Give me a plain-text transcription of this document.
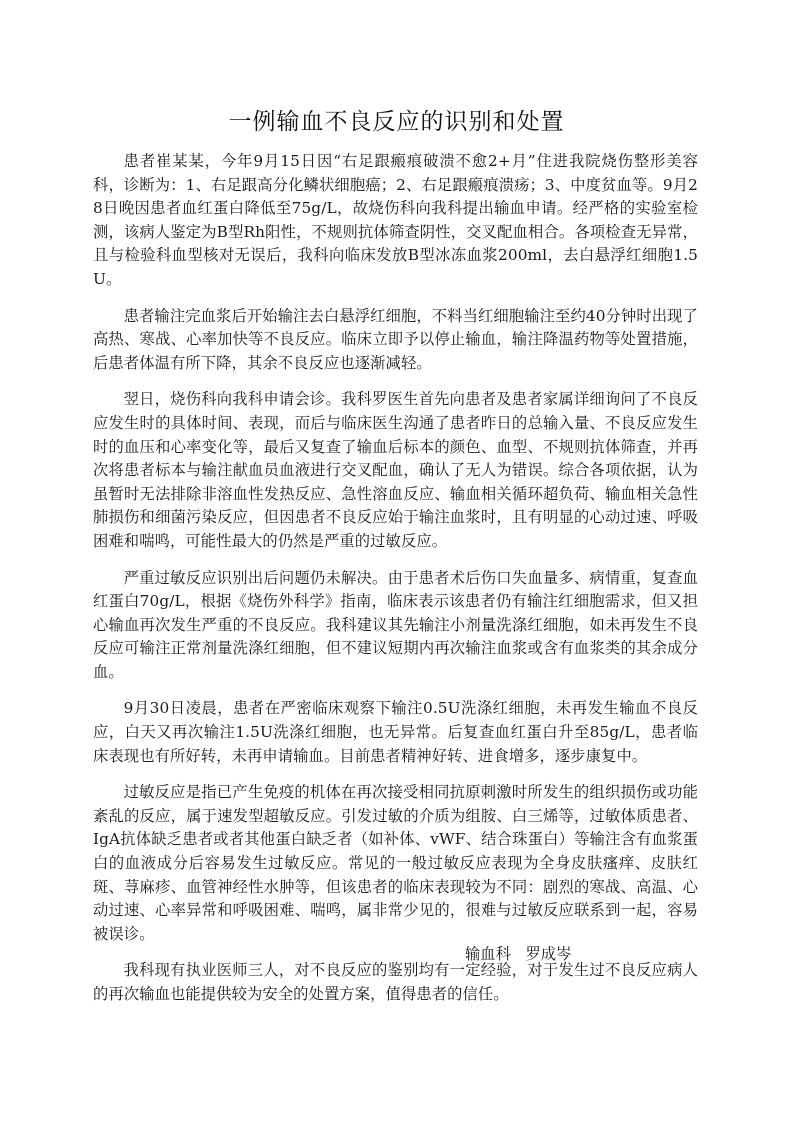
一例输血不良反应的识别和处置

患者崔某某，今年9月15日因“右足跟瘢痕破溃不愈2+月”住进我院烧伤整形美容科，诊断为：1、右足跟高分化鳞状细胞癌；2、右足跟瘢痕溃疡；3、中度贫血等。9月28日晚因患者血红蛋白降低至75g/L，故烧伤科向我科提出输血申请。经严格的实验室检测，该病人鉴定为B型Rh阳性，不规则抗体筛查阴性，交叉配血相合。各项检查无异常，且与检验科血型核对无误后，我科向临床发放B型冰冻血浆200ml，去白悬浮红细胞1.5U。

患者输注完血浆后开始输注去白悬浮红细胞，不料当红细胞输注至约40分钟时出现了高热、寒战、心率加快等不良反应。临床立即予以停止输血，输注降温药物等处置措施，后患者体温有所下降，其余不良反应也逐渐减轻。

翌日，烧伤科向我科申请会诊。我科罗医生首先向患者及患者家属详细询问了不良反应发生时的具体时间、表现，而后与临床医生沟通了患者昨日的总输入量、不良反应发生时的血压和心率变化等，最后又复查了输血后标本的颜色、血型、不规则抗体筛查，并再次将患者标本与输注献血员血液进行交叉配血，确认了无人为错误。综合各项依据，认为虽暂时无法排除非溶血性发热反应、急性溶血反应、输血相关循环超负荷、输血相关急性肺损伤和细菌污染反应，但因患者不良反应始于输注血浆时，且有明显的心动过速、呼吸困难和喘鸣，可能性最大的仍然是严重的过敏反应。

严重过敏反应识别出后问题仍未解决。由于患者术后伤口失血量多、病情重，复查血红蛋白70g/L，根据《烧伤外科学》指南，临床表示该患者仍有输注红细胞需求，但又担心输血再次发生严重的不良反应。我科建议其先输注小剂量洗涤红细胞，如未再发生不良反应可输注正常剂量洗涤红细胞，但不建议短期内再次输注血浆或含有血浆类的其余成分血。

9月30日凌晨，患者在严密临床观察下输注0.5U洗涤红细胞，未再发生输血不良反应，白天又再次输注1.5U洗涤红细胞，也无异常。后复查血红蛋白升至85g/L，患者临床表现也有所好转，未再申请输血。目前患者精神好转、进食增多，逐步康复中。

过敏反应是指已产生免疫的机体在再次接受相同抗原刺激时所发生的组织损伤或功能紊乱的反应，属于速发型超敏反应。引发过敏的介质为组胺、白三烯等，过敏体质患者、IgA抗体缺乏患者或者其他蛋白缺乏者（如补体、vWF、结合珠蛋白）等输注含有血浆蛋白的血液成分后容易发生过敏反应。常见的一般过敏反应表现为全身皮肤瘙痒、皮肤红斑、荨麻疹、血管神经性水肿等，但该患者的临床表现较为不同：剧烈的寒战、高温、心动过速、心率异常和呼吸困难、喘鸣，属非常少见的，很难与过敏反应联系到一起，容易被误诊。

我科现有执业医师三人，对不良反应的鉴别均有一定经验，对于发生过不良反应病人的再次输血也能提供较为安全的处置方案，值得患者的信任。

输血科   罗成岑
